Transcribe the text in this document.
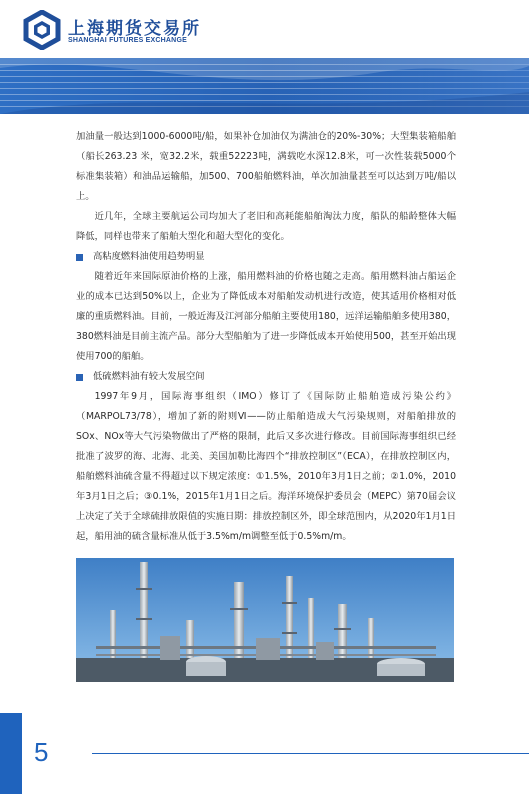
上海期货交易所
SHANGHAI FUTURES EXCHANGE

加油量一般达到1000-6000吨/船，如果补仓加油仅为满油仓的20%-30%；大型集装箱船舶（船长263.23 米，宽32.2米，载重52223吨，满载吃水深12.8米，可一次性装载5000个标准集装箱）和油品运输船，加500、700船舶燃料油，单次加油量甚至可以达到万吨/船以上。

近几年，全球主要航运公司均加大了老旧和高耗能船舶淘汰力度，船队的船龄整体大幅降低，同样也带来了船舶大型化和超大型化的变化。

高粘度燃料油使用趋势明显

随着近年来国际原油价格的上涨，船用燃料油的价格也随之走高。船用燃料油占船运企业的成本已达到50%以上，企业为了降低成本对船舶发动机进行改造，使其适用价格相对低廉的重质燃料油。目前，一般近海及江河部分船舶主要使用180，远洋运输船舶多使用380，380燃料油是目前主流产品。部分大型船舶为了进一步降低成本开始使用500，甚至开始出现使用700的船舶。

低硫燃料油有较大发展空间

1997年9月，国际海事组织（IMO）修订了《国际防止船舶造成污染公约》（MARPOL73/78），增加了新的附则Ⅵ——防止船舶造成大气污染规则，对船舶排放的SOx、NOx等大气污染物做出了严格的限制，此后又多次进行修改。目前国际海事组织已经批准了波罗的海、北海、北美、美国加勒比海四个“排放控制区”（ECA），在排放控制区内，船舶燃料油硫含量不得超过以下规定浓度：①1.5%，2010年3月1日之前；②1.0%，2010年3月1日之后；③0.1%，2015年1月1日之后。海洋环境保护委员会（MEPC）第70届会议上决定了关于全球硫排放限值的实施日期：排放控制区外，即全球范围内，从2020年1月1日起，船用油的硫含量标准从低于3.5%m/m调整至低于0.5%m/m。

5
